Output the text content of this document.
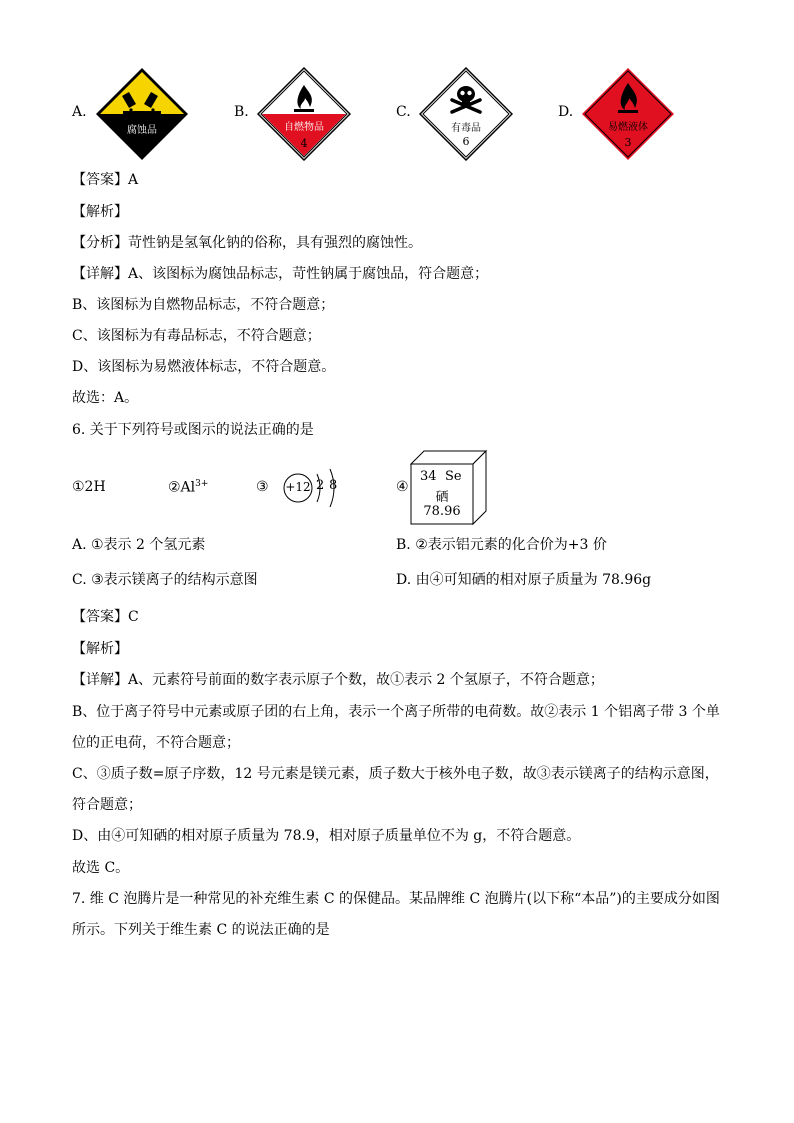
A.
腐蚀品
B.
自燃物品
4
C.
有毒品
6
D.
易燃液体
3
【答案】A
【解析】
【分析】苛性钠是氢氧化钠的俗称，具有强烈的腐蚀性。
【详解】A、该图标为腐蚀品标志，苛性钠属于腐蚀品，符合题意；
B、该图标为自燃物品标志，不符合题意；
C、该图标为有毒品标志，不符合题意；
D、该图标为易燃液体标志，不符合题意。
故选：A。
6. 关于下列符号或图示的说法正确的是
①2H	$②Al^{3+}$	③ +12 2 8	④
34 Se
硒
78.96
A. ①表示 2 个氢元素	B. ②表示铝元素的化合价为+3 价
C. ③表示镁离子的结构示意图	D. 由④可知硒的相对原子质量为 78.96g
【答案】C
【解析】
【详解】A、元素符号前面的数字表示原子个数，故①表示 2 个氢原子，不符合题意；
B、位于离子符号中元素或原子团的右上角，表示一个离子所带的电荷数。故②表示 1 个铝离子带 3 个单
位的正电荷，不符合题意；
C、③质子数=原子序数，12 号元素是镁元素，质子数大于核外电子数，故③表示镁离子的结构示意图，
符合题意；
D、由④可知硒的相对原子质量为 78.9，相对原子质量单位不为 g，不符合题意。
故选 C。
7. 维 C 泡腾片是一种常见的补充维生素 C 的保健品。某品牌维 C 泡腾片(以下称“本品”)的主要成分如图
所示。下列关于维生素 C 的说法正确的是
